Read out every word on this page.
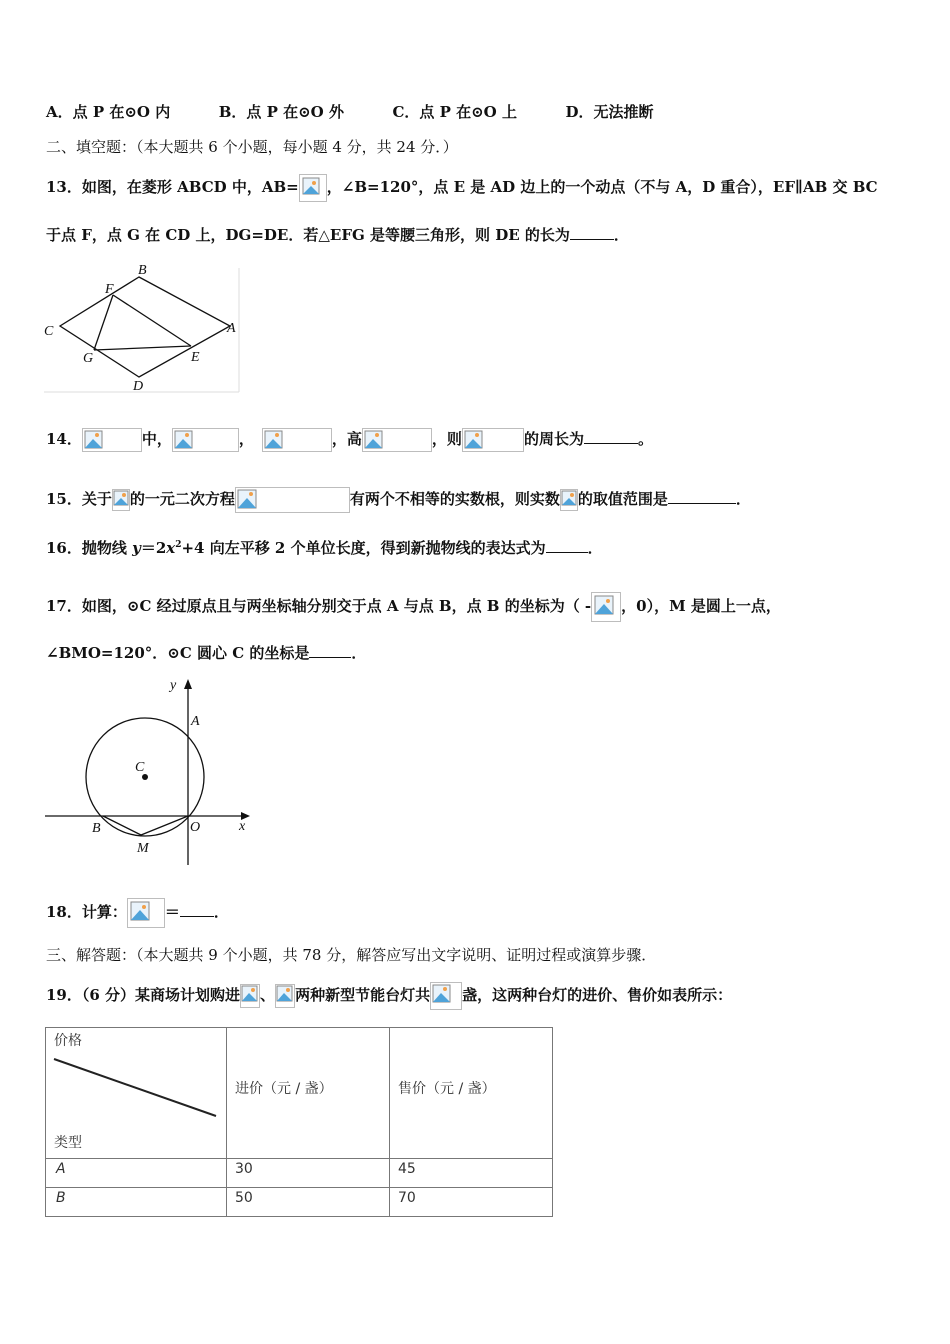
A．点 P 在⊙O 内	B．点 P 在⊙O 外	C．点 P 在⊙O 上	D．无法推断
二、填空题：（本大题共 6 个小题，每小题 4 分，共 24 分．）
13．如图，在菱形 ABCD 中，AB= ，∠B=120°，点 E 是 AD 边上的一个动点（不与 A，D 重合），EF∥AB 交 BC
于点 F，点 G 在 CD 上，DG=DE．若△EFG 是等腰三角形，则 DE 的长为	．
B
F
C	A
G	E
D
14．	中，	，	，高	，则	的周长为	。
15．关于 的一元二次方程	有两个不相等的实数根，则实数 的取值范围是	．
16．抛物线 $y=2x^2+4$ 向左平移 2 个单位长度，得到新抛物线的表达式为	．
17．如图，⊙C 经过原点且与两坐标轴分别交于点 A 与点 B，点 B 的坐标为（ - ，0），M 是圆上一点，
∠BMO=120°．⊙C 圆心 C 的坐标是	．
y
A
C
B	O	x
M
18．计算：	＝ ．
三、解答题：（本大题共 9 个小题，共 78 分，解答应写出文字说明、证明过程或演算步骤．
19．（6 分）某商场计划购进 、 两种新型节能台灯共 盏，这两种台灯的进价、售价如表所示：
价格
类型	进价（元 / 盏）	售价（元 / 盏）

A	30	45

B	50	70
